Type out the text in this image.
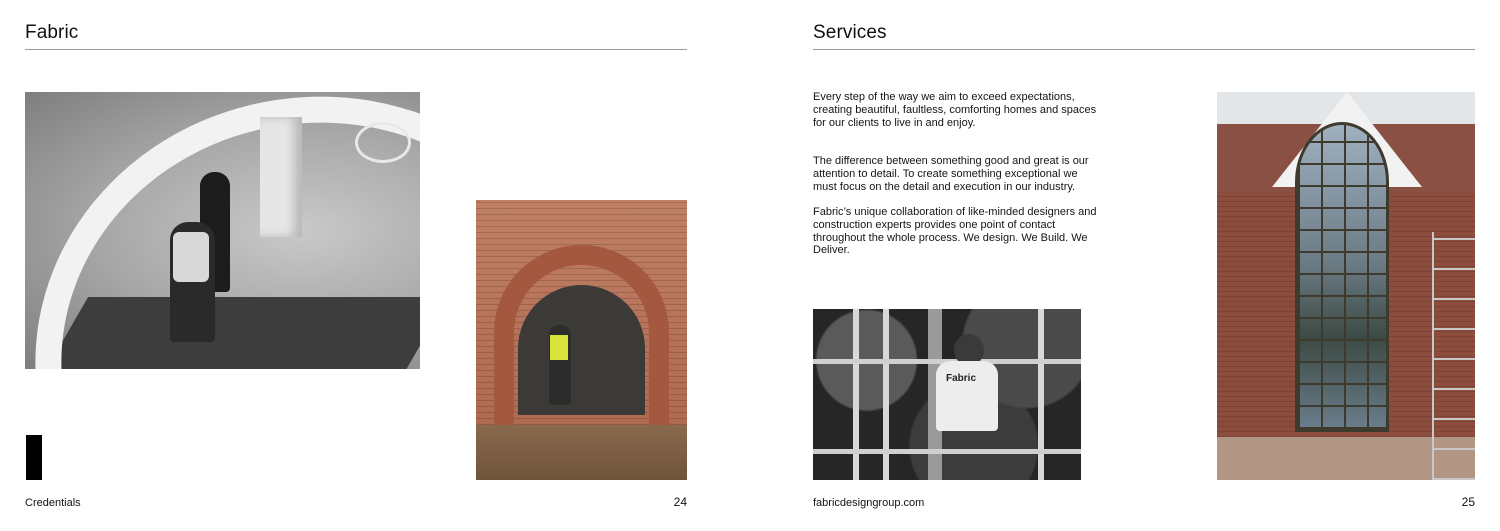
Fabric
Credentials	24
Services

Every step of the way we aim to exceed expectations, creating beautiful, faultless, comforting homes and spaces for our clients to live in and enjoy.

The difference between something good and great is our attention to detail. To create something exceptional we must focus on the detail and execution in our industry.

Fabric’s unique collaboration of like-minded designers and construction experts provides one point of contact throughout the whole process. We design. We Build. We Deliver.

Fabric
fabricdesigngroup.com	25
